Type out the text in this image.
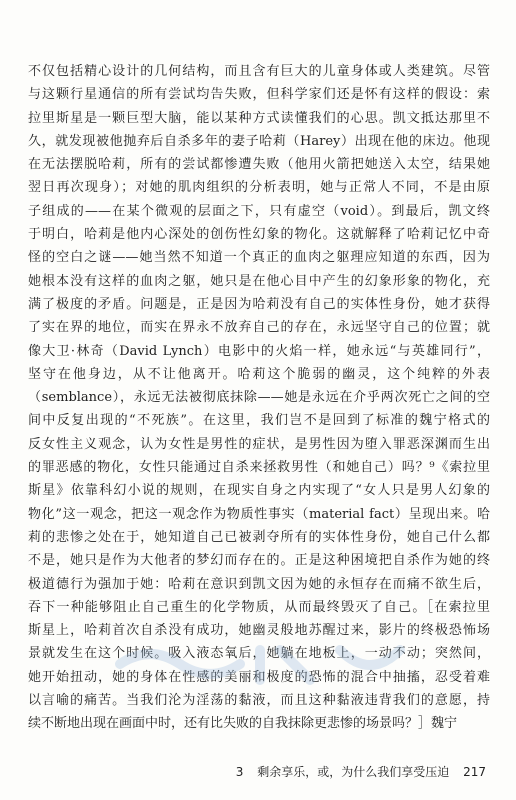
不仅包括精心设计的几何结构，而且含有巨大的儿童身体或人类建筑。尽管
与这颗行星通信的所有尝试均告失败，但科学家们还是怀有这样的假设：索
拉里斯星是一颗巨型大脑，能以某种方式读懂我们的心思。凯文抵达那里不
久，就发现被他抛弃后自杀多年的妻子哈莉（Harey）出现在他的床边。他现
在无法摆脱哈莉，所有的尝试都惨遭失败（他用火箭把她送入太空，结果她
翌日再次现身）；对她的肌肉组织的分析表明，她与正常人不同，不是由原
子组成的——在某个微观的层面之下，只有虚空（void）。到最后，凯文终
于明白，哈莉是他内心深处的创伤性幻象的物化。这就解释了哈莉记忆中奇
怪的空白之谜——她当然不知道一个真正的血肉之躯理应知道的东西，因为
她根本没有这样的血肉之躯，她只是在他心目中产生的幻象形象的物化，充
满了极度的矛盾。问题是，正是因为哈莉没有自己的实体性身份，她才获得
了实在界的地位，而实在界永不放弃自己的存在，永远坚守自己的位置；就
像大卫·林奇（David Lynch）电影中的火焰一样，她永远“与英雄同行”，
坚守在他身边，从不让他离开。哈莉这个脆弱的幽灵，这个纯粹的外表
（semblance），永远无法被彻底抹除——她是永远在介乎两次死亡之间的空
间中反复出现的“不死族”。在这里，我们岂不是回到了标准的魏宁格式的
反女性主义观念，认为女性是男性的症状，是男性因为堕入罪恶深渊而生出
的罪恶感的物化，女性只能通过自杀来拯救男性（和她自己）吗？⁹《索拉里
斯星》依靠科幻小说的规则，在现实自身之内实现了“女人只是男人幻象的
物化”这一观念，把这一观念作为物质性事实（material fact）呈现出来。哈
莉的悲惨之处在于，她知道自己已被剥夺所有的实体性身份，她自己什么都
不是，她只是作为大他者的梦幻而存在的。正是这种困境把自杀作为她的终
极道德行为强加于她：哈莉在意识到凯文因为她的永恒存在而痛不欲生后，
吞下一种能够阻止自己重生的化学物质，从而最终毁灭了自己。［在索拉里
斯星上，哈莉首次自杀没有成功，她幽灵般地苏醒过来，影片的终极恐怖场
景就发生在这个时候。吸入液态氧后，她躺在地板上，一动不动；突然间，
她开始扭动，她的身体在性感的美丽和极度的恐怖的混合中抽搐，忍受着难
以言喻的痛苦。当我们沦为淫荡的黏液，而且这种黏液违背我们的意愿，持
续不断地出现在画面中时，还有比失败的自我抹除更悲惨的场景吗？］魏宁
3 剩余享乐，或，为什么我们享受压迫 217
